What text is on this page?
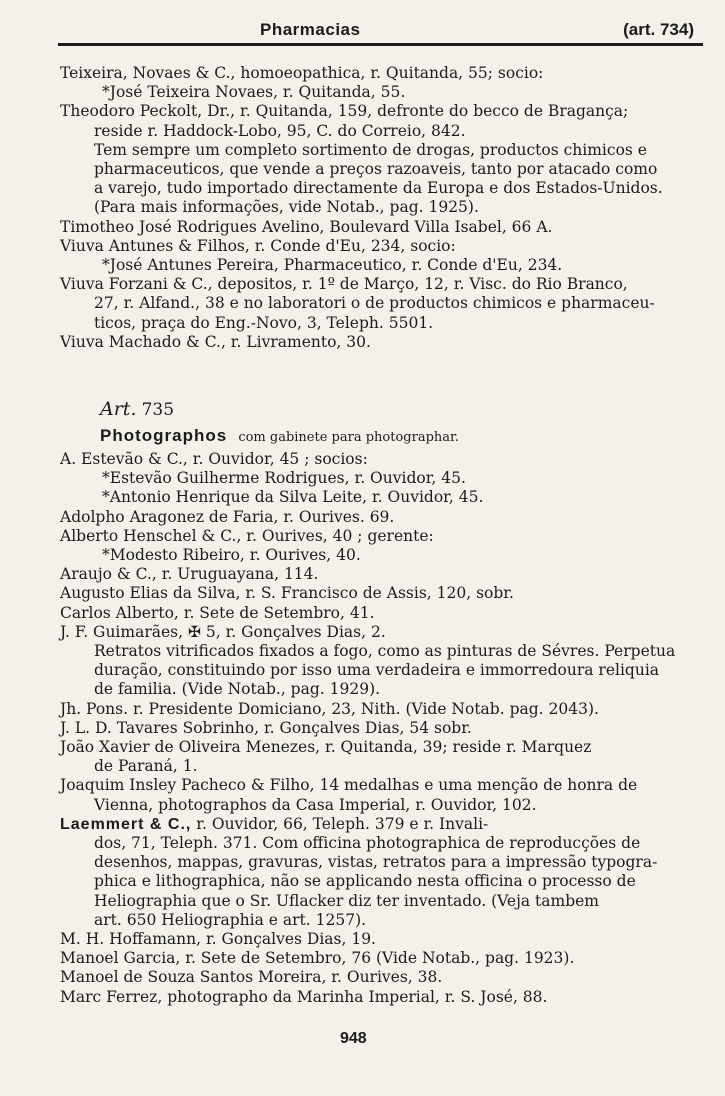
Pharmacias	(art. 734)
Teixeira, Novaes & C., homoeopathica, r. Quitanda, 55; socio:
*José Teixeira Novaes, r. Quitanda, 55.
Theodoro Peckolt, Dr., r. Quitanda, 159, defronte do becco de Bragança;
reside r. Haddock-Lobo, 95, C. do Correio, 842.
Tem sempre um completo sortimento de drogas, productos chimicos e
pharmaceuticos, que vende a preços razoaveis, tanto por atacado como
a varejo, tudo importado directamente da Europa e dos Estados-Unidos.
(Para mais informações, vide Notab., pag. 1925).
Timotheo José Rodrigues Avelino, Boulevard Villa Isabel, 66 A.
Viuva Antunes & Filhos, r. Conde d'Eu, 234, socio:
*José Antunes Pereira, Pharmaceutico, r. Conde d'Eu, 234.
Viuva Forzani & C., depositos, r. 1º de Março, 12, r. Visc. do Rio Branco,
27, r. Alfand., 38 e no laboratori o de productos chimicos e pharmaceu-
ticos, praça do Eng.-Novo, 3, Teleph. 5501.
Viuva Machado & C., r. Livramento, 30.
Art. 735
Photographos com gabinete para photographar.
A. Estevão & C., r. Ouvidor, 45 ; socios:
*Estevão Guilherme Rodrigues, r. Ouvidor, 45.
*Antonio Henrique da Silva Leite, r. Ouvidor, 45.
Adolpho Aragonez de Faria, r. Ourives. 69.
Alberto Henschel & C., r. Ourives, 40 ; gerente:
*Modesto Ribeiro, r. Ourives, 40.
Araujo & C., r. Uruguayana, 114.
Augusto Elias da Silva, r. S. Francisco de Assis, 120, sobr.
Carlos Alberto, r. Sete de Setembro, 41.
J. F. Guimarães, ✠ 5, r. Gonçalves Dias, 2.
Retratos vitrificados fixados a fogo, como as pinturas de Sévres. Perpetua
duração, constituindo por isso uma verdadeira e immorredoura reliquia
de familia. (Vide Notab., pag. 1929).
Jh. Pons. r. Presidente Domiciano, 23, Nith. (Vide Notab. pag. 2043).
J. L. D. Tavares Sobrinho, r. Gonçalves Dias, 54 sobr.
João Xavier de Oliveira Menezes, r. Quitanda, 39; reside r. Marquez
de Paraná, 1.
Joaquim Insley Pacheco & Filho, 14 medalhas e uma menção de honra de
Vienna, photographos da Casa Imperial, r. Ouvidor, 102.
Laemmert & C., r. Ouvidor, 66, Teleph. 379 e r. Invali-
dos, 71, Teleph. 371. Com officina photographica de reproducções de
desenhos, mappas, gravuras, vistas, retratos para a impressão typogra-
phica e lithographica, não se applicando nesta officina o processo de
Heliographia que o Sr. Uflacker diz ter inventado. (Veja tambem
art. 650 Heliographia e art. 1257).
M. H. Hoffamann, r. Gonçalves Dias, 19.
Manoel Garcia, r. Sete de Setembro, 76 (Vide Notab., pag. 1923).
Manoel de Souza Santos Moreira, r. Ourives, 38.
Marc Ferrez, photographo da Marinha Imperial, r. S. José, 88.
948
